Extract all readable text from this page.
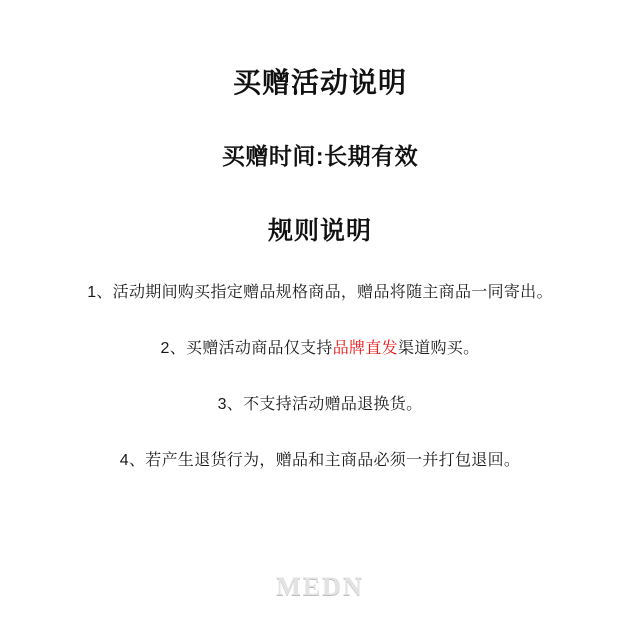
买赠活动说明
买赠时间:长期有效
规则说明
1、活动期间购买指定赠品规格商品，赠品将随主商品一同寄出。
2、买赠活动商品仅支持品牌直发渠道购买。
3、不支持活动赠品退换货。
4、若产生退货行为，赠品和主商品必须一并打包退回。
MEDN
